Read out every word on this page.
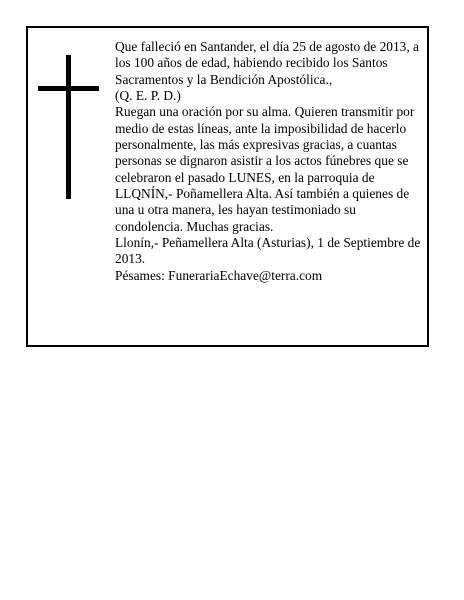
Que falleció en Santander, el día 25 de agosto de 2013, a los 100 años de edad, habiendo recibido los Santos Sacramentos y la Bendición Apostólica.,

(Q. E. P. D.)

Ruegan una oración por su alma. Quieren transmitir por medio de estas líneas, ante la imposibilidad de hacerlo personalmente, las más expresivas gracias, a cuantas personas se dignaron asistir a los actos fúnebres que se celebraron el pasado LUNES, en la parroquia de LLQNÍN,- Poñamellera Alta. Así también a quienes de una u otra manera, les hayan testimoniado su condolencia. Muchas gracias.

Llonín,- Peñamellera Alta (Asturias), 1 de Septiembre de 2013.

Pésames: FunerariaEchave@terra.com
